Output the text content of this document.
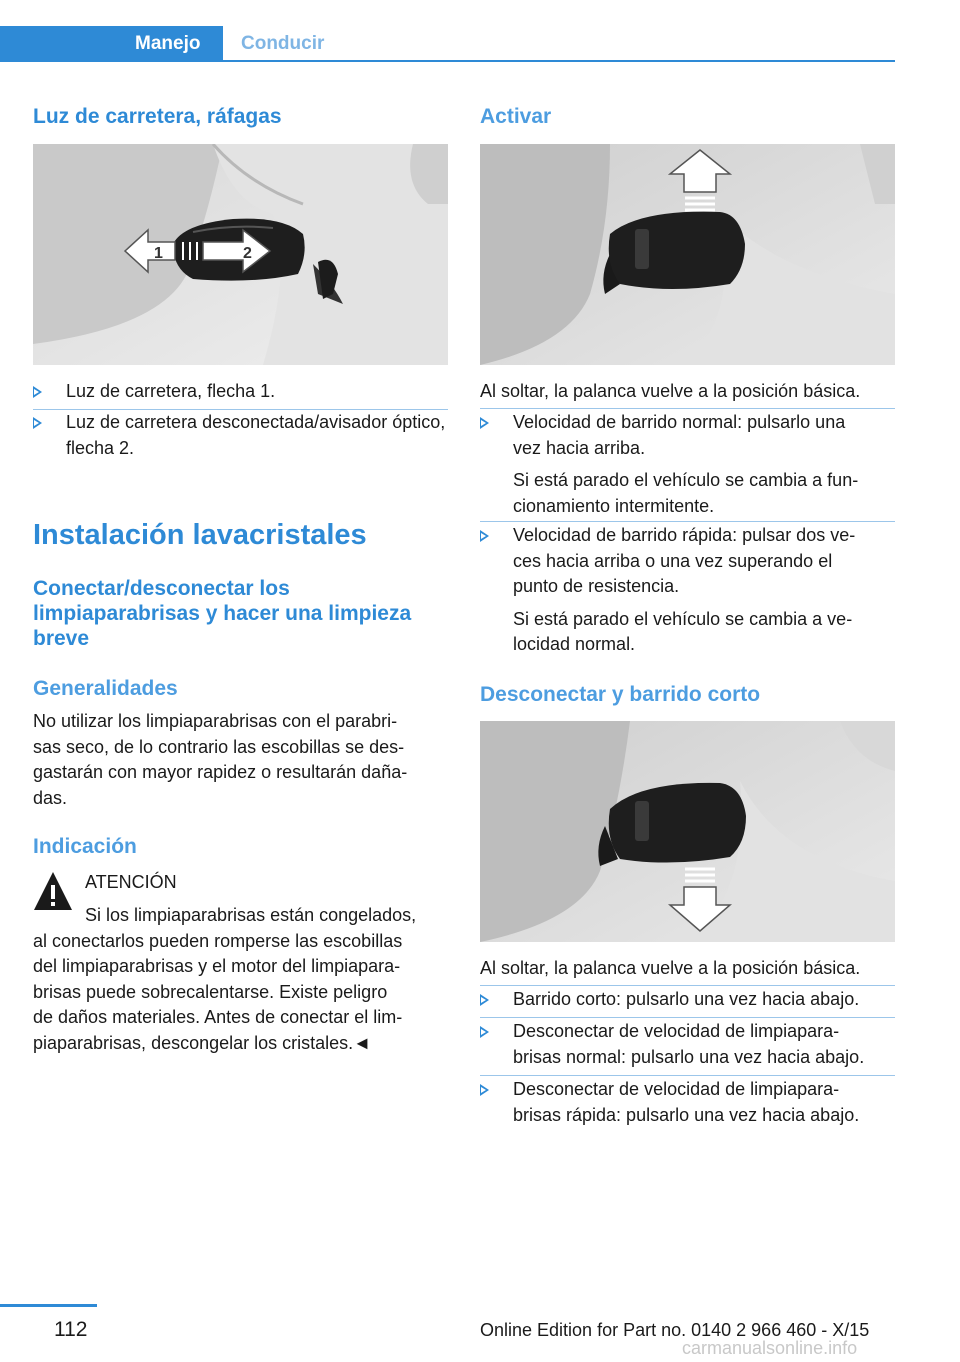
Manejo	Conducir
Luz de carretera, ráfagas
1	2
Luz de carretera, flecha 1.
Luz de carretera desconectada/avisador óptico, flecha 2.
Instalación lavacristales
Conectar/desconectar los
limpiaparabrisas y hacer una limpieza
breve
Generalidades

No utilizar los limpiaparabrisas con el parabri-

sas seco, de lo contrario las escobillas se des-

gastarán con mayor rapidez o resultarán daña-

das.

Indicación

ATENCIÓN

Si los limpiaparabrisas están congelados,

al conectarlos pueden romperse las escobillas

del limpiaparabrisas y el motor del limpiapara-

brisas puede sobrecalentarse. Existe peligro

de daños materiales. Antes de conectar el lim-

piaparabrisas, descongelar los cristales.◄

Activar

Al soltar, la palanca vuelve a la posición básica.

Velocidad de barrido normal: pulsarlo una
vez hacia arriba.
Si está parado el vehículo se cambia a fun-
cionamiento intermitente.
Velocidad de barrido rápida: pulsar dos ve-
ces hacia arriba o una vez superando el
punto de resistencia.
Si está parado el vehículo se cambia a ve-
locidad normal.
Desconectar y barrido corto

Al soltar, la palanca vuelve a la posición básica.

Barrido corto: pulsarlo una vez hacia abajo.
Desconectar de velocidad de limpiapara-
brisas normal: pulsarlo una vez hacia abajo.
Desconectar de velocidad de limpiapara-
brisas rápida: pulsarlo una vez hacia abajo.
112	Online Edition for Part no. 0140 2 966 460 - X/15
carmanualsonline.info
